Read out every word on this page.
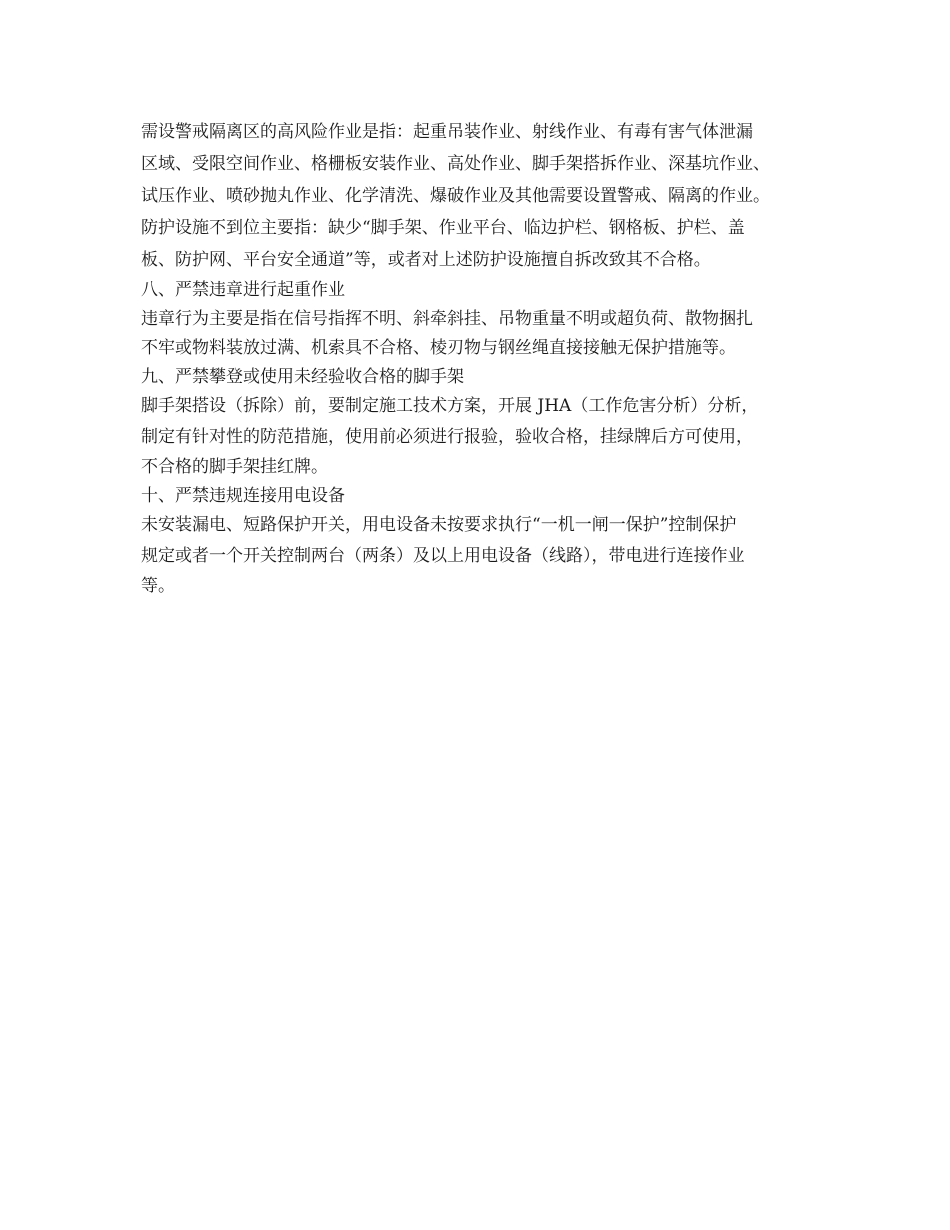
需设警戒隔离区的高风险作业是指：起重吊装作业、射线作业、有毒有害气体泄漏
区域、受限空间作业、格栅板安装作业、高处作业、脚手架搭拆作业、深基坑作业、
试压作业、喷砂抛丸作业、化学清洗、爆破作业及其他需要设置警戒、隔离的作业。
防护设施不到位主要指：缺少“脚手架、作业平台、临边护栏、钢格板、护栏、盖
板、防护网、平台安全通道”等，或者对上述防护设施擅自拆改致其不合格。
八、严禁违章进行起重作业
违章行为主要是指在信号指挥不明、斜牵斜挂、吊物重量不明或超负荷、散物捆扎
不牢或物料装放过满、机索具不合格、棱刃物与钢丝绳直接接触无保护措施等。
九、严禁攀登或使用未经验收合格的脚手架
脚手架搭设（拆除）前，要制定施工技术方案，开展 JHA（工作危害分析）分析，
制定有针对性的防范措施，使用前必须进行报验，验收合格，挂绿牌后方可使用，
不合格的脚手架挂红牌。
十、严禁违规连接用电设备
未安装漏电、短路保护开关，用电设备未按要求执行“一机一闸一保护”控制保护
规定或者一个开关控制两台（两条）及以上用电设备（线路），带电进行连接作业
等。
